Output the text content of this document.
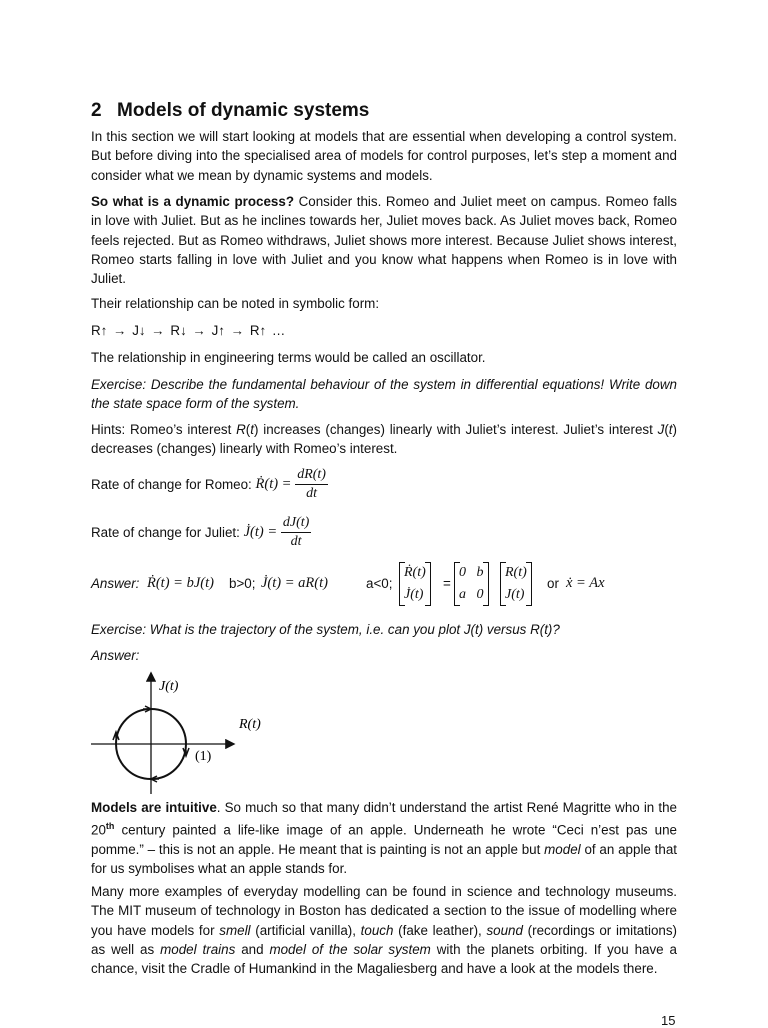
2 Models of dynamic systems
In this section we will start looking at models that are essential when developing a control system. But before diving into the specialised area of models for control purposes, let’s step a moment and consider what we mean by dynamic systems and models.
So what is a dynamic process? Consider this. Romeo and Juliet meet on campus. Romeo falls in love with Juliet. But as he inclines towards her, Juliet moves back. As Juliet moves back, Romeo feels rejected. But as Romeo withdraws, Juliet shows more interest. Because Juliet shows interest, Romeo starts falling in love with Juliet and you know what happens when Romeo is in love with Juliet.
Their relationship can be noted in symbolic form:
R↑ → J↓ → R↓ → J↑ → R↑ …
The relationship in engineering terms would be called an oscillator.
Exercise: Describe the fundamental behaviour of the system in differential equations! Write down the state space form of the system.
Hints: Romeo’s interest R(t) increases (changes) linearly with Juliet’s interest. Juliet’s interest J(t) decreases (changes) linearly with Romeo’s interest.
Rate of change for Romeo: Ṙ(t) = $\frac{dR(t)}{dt}$
Rate of change for Juliet: J̇(t) = $\frac{dJ(t)}{dt}$
Answer: Ṙ(t) = bJ(t) b>0; J̇(t) = aR(t)	a<0;
Ṙ(t)
J̇(t)
=
0   b
a   0
R(t)
J(t)
or ẋ = Ax
Exercise: What is the trajectory of the system, i.e. can you plot J(t) versus R(t)?
Answer:
J(t)
R(t)
(1)
Models are intuitive. So much so that many didn’t understand the artist René Magritte who in the 20th century painted a life-like image of an apple. Underneath he wrote “Ceci n’est pas une pomme.” – this is not an apple. He meant that is painting is not an apple but model of an apple that for us symbolises what an apple stands for.
Many more examples of everyday modelling can be found in science and technology museums. The MIT museum of technology in Boston has dedicated a section to the issue of modelling where you have models for smell (artificial vanilla), touch (fake leather), sound (recordings or imitations) as well as model trains and model of the solar system with the planets orbiting. If you have a chance, visit the Cradle of Humankind in the Magaliesberg and have a look at the models there.
15
